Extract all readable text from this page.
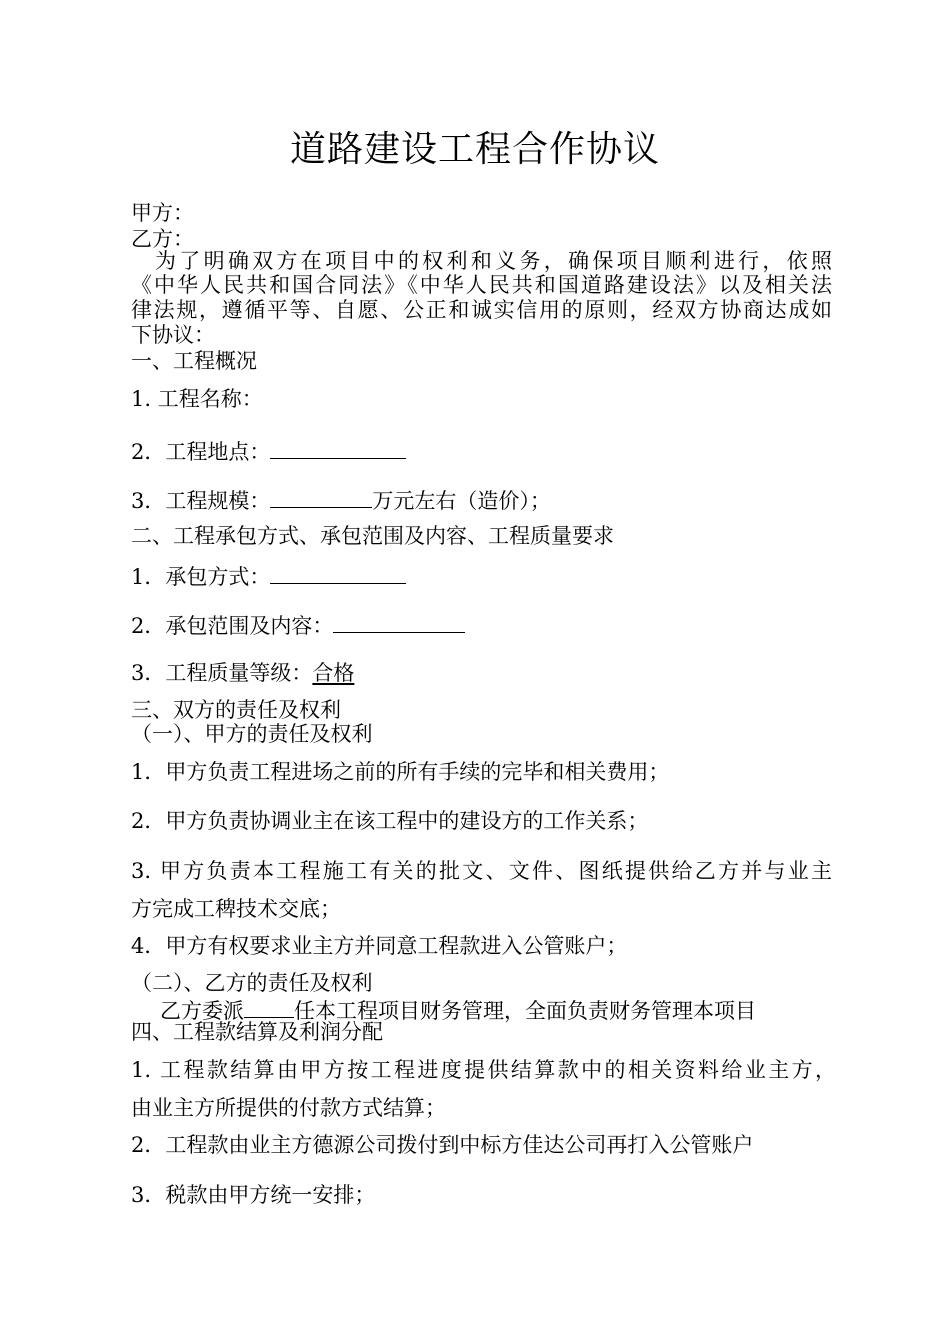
道路建设工程合作协议
甲方：
乙方：
为了明确双方在项目中的权利和义务，确保项目顺利进行，依照
《中华人民共和国合同法》《中华人民共和国道路建设法》以及相关法
律法规，遵循平等、自愿、公正和诚实信用的原则，经双方协商达成如
下协议：
一、工程概况
1. 工程名称：
2．工程地点：
3．工程规模：	万元左右（造价）；
二、工程承包方式、承包范围及内容、工程质量要求
1．承包方式：
2．承包范围及内容：
3．工程质量等级：合格
三、双方的责任及权利
（一）、甲方的责任及权利
1．甲方负责工程进场之前的所有手续的完毕和相关费用；
2．甲方负责协调业主在该工程中的建设方的工作关系；
3. 甲方负责本工程施工有关的批文、文件、图纸提供给乙方并与业主
方完成工稗技术交底；
4．甲方有权要求业主方并同意工程款进入公管账户；
（二）、乙方的责任及权利
乙方委派 任本工程项目财务管理，全面负责财务管理本项目
四、工程款结算及利润分配
1. 工程款结算由甲方按工程进度提供结算款中的相关资料给业主方，
由业主方所提供的付款方式结算；
2．工程款由业主方德源公司拨付到中标方佳达公司再打入公管账户
3．税款由甲方统一安排；
